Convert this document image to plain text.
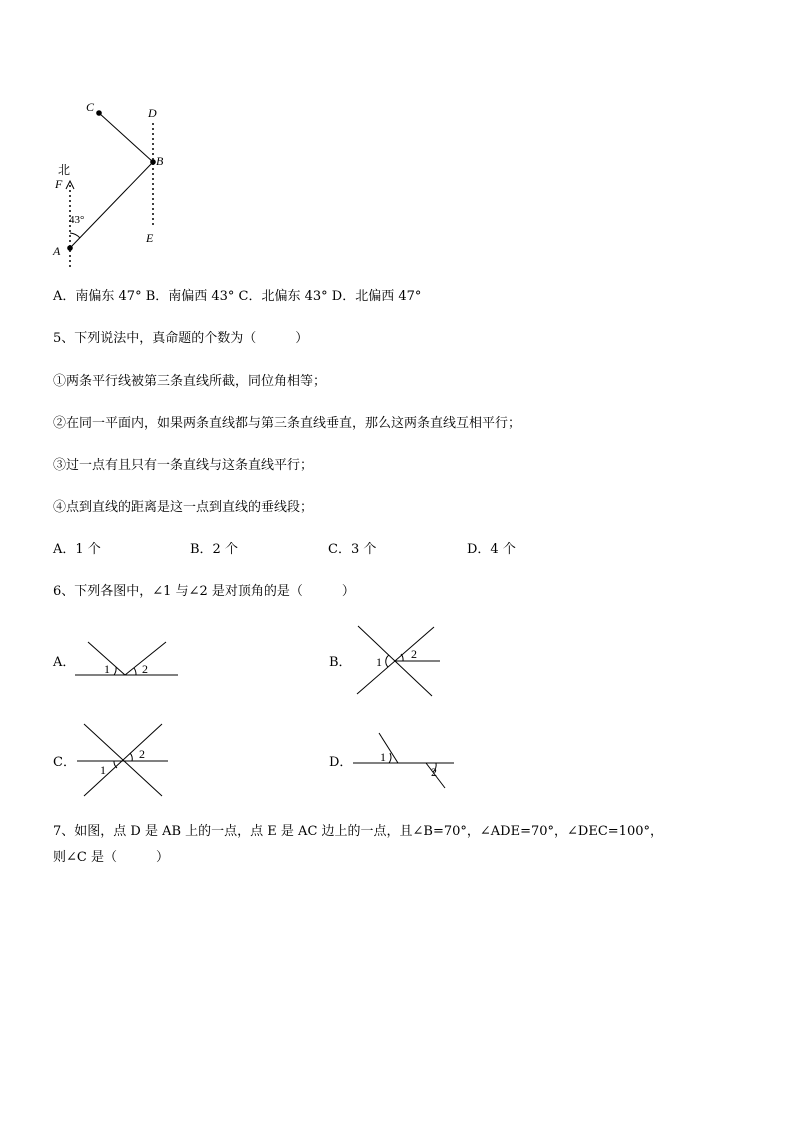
C	D
B
北
F
43°
A
E
A．南偏东 47° B．南偏西 43° C．北偏东 43° D．北偏西 47°
5、下列说法中，真命题的个数为（　　　）
①两条平行线被第三条直线所截，同位角相等；
②在同一平面内，如果两条直线都与第三条直线垂直，那么这两条直线互相平行；
③过一点有且只有一条直线与这条直线平行；
④点到直线的距离是这一点到直线的垂线段；
A．1 个	B．2 个	C．3 个	D．4 个
6、下列各图中，∠1 与∠2 是对顶角的是（　　　）
A． 1	2	B． 1
2
C． 1
2
D． 1
2
7、如图，点 D 是 AB 上的一点，点 E 是 AC 边上的一点，且∠B=70°，∠ADE=70°，∠DEC=100°，
则∠C 是（　　　）
